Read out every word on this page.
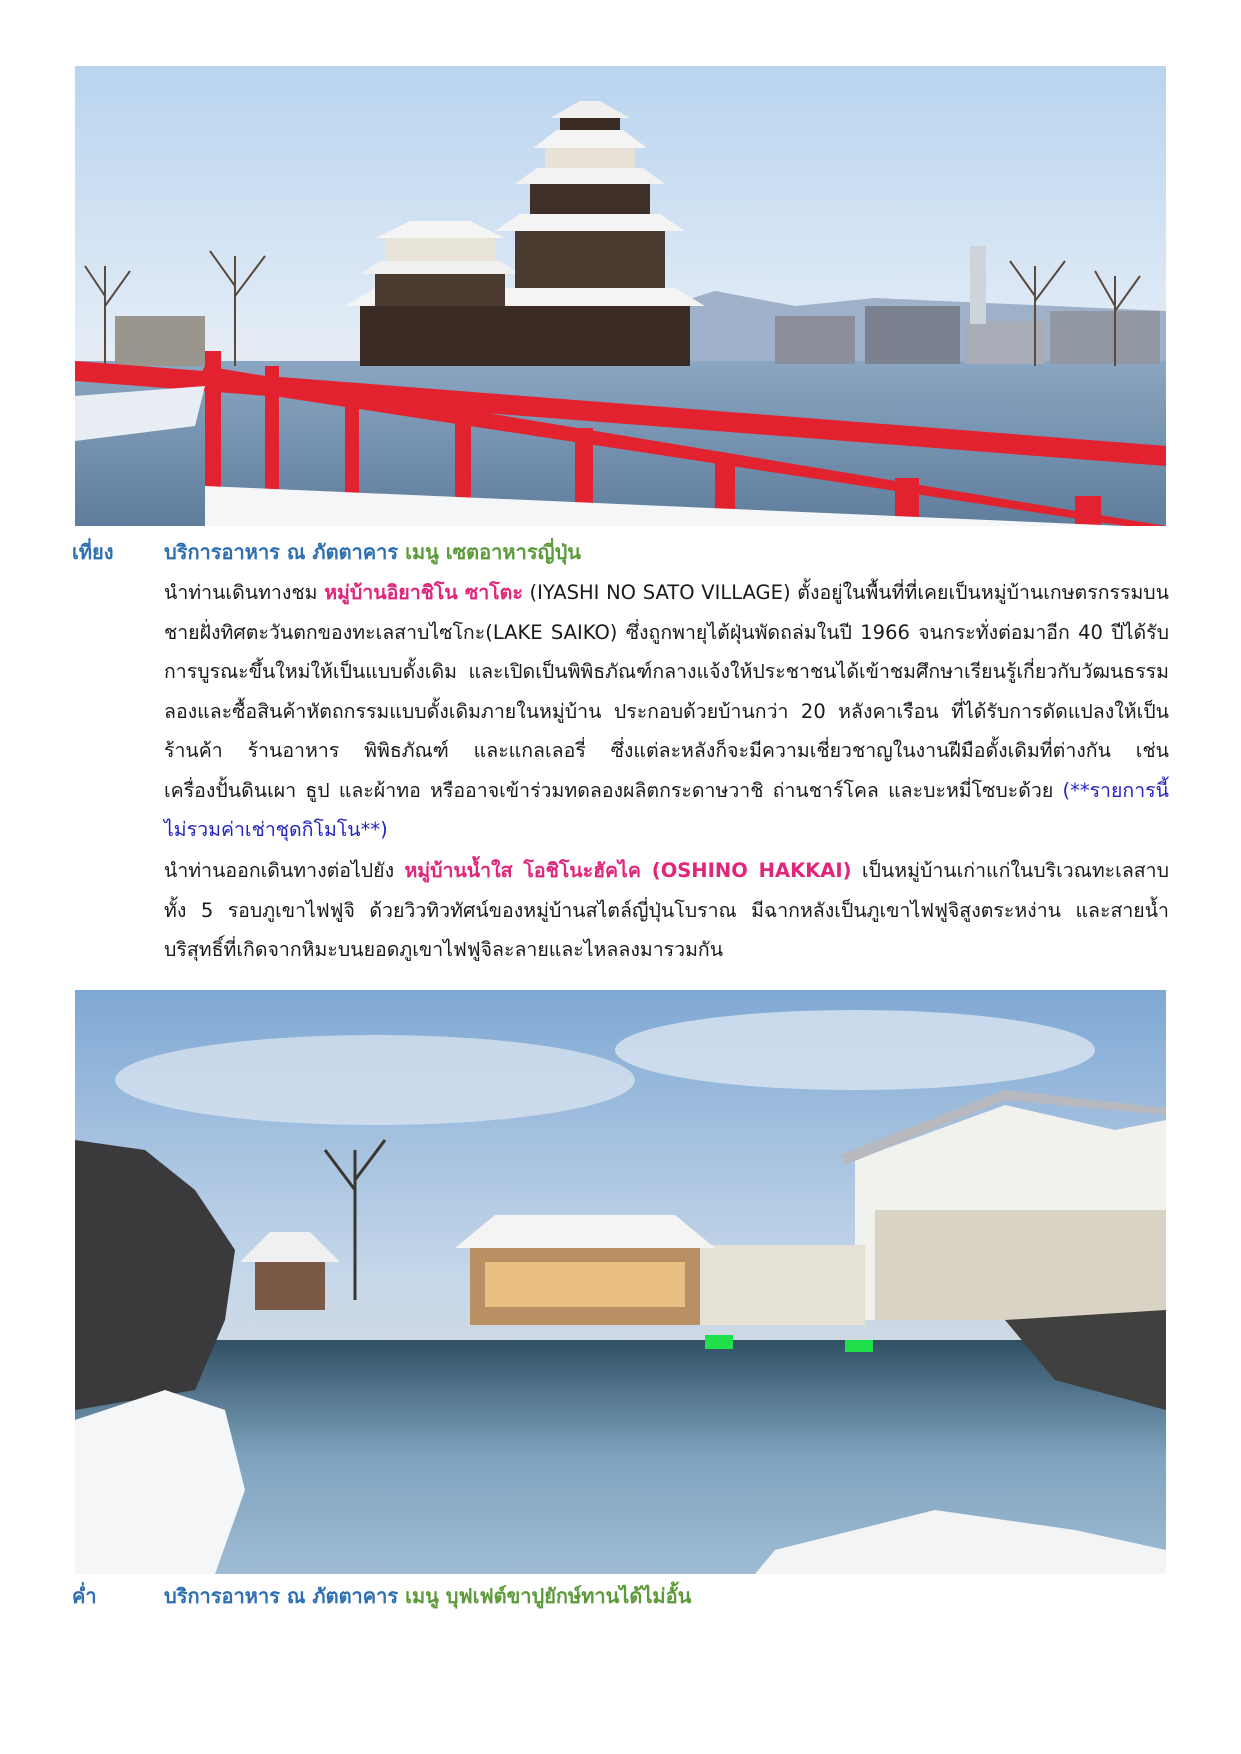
เที่ยง	บริการอาหาร ณ ภัตตาคาร เมนู เซตอาหารญี่ปุ่น
นำท่านเดินทางชม หมู่บ้านอิยาชิโน ซาโตะ (IYASHI NO SATO VILLAGE) ตั้งอยู่ในพื้นที่ที่เคยเป็นหมู่บ้านเกษตรกรรมบนชายฝั่งทิศตะวันตกของทะเลสาบไซโกะ(LAKE SAIKO) ซึ่งถูกพายุไต้ฝุ่นพัดถล่มในปี 1966 จนกระทั่งต่อมาอีก 40 ปีได้รับการบูรณะขึ้นใหม่ให้เป็นแบบดั้งเดิม และเปิดเป็นพิพิธภัณฑ์กลางแจ้งให้ประชาชนได้เข้าชมศึกษาเรียนรู้เกี่ยวกับวัฒนธรรม ลองและซื้อสินค้าหัตถกรรมแบบดั้งเดิมภายในหมู่บ้าน ประกอบด้วยบ้านกว่า 20 หลังคาเรือน ที่ได้รับการดัดแปลงให้เป็นร้านค้า ร้านอาหาร พิพิธภัณฑ์ และแกลเลอรี่ ซึ่งแต่ละหลังก็จะมีความเชี่ยวชาญในงานฝีมือดั้งเดิมที่ต่างกัน เช่น เครื่องปั้นดินเผา ธูป และผ้าทอ หรืออาจเข้าร่วมทดลองผลิตกระดาษวาชิ ถ่านชาร์โคล และบะหมี่โซบะด้วย (**รายการนี้ไม่รวมค่าเช่าชุดกิโมโน**)
นำท่านออกเดินทางต่อไปยัง หมู่บ้านน้ำใส โอชิโนะฮัคไค (OSHINO HAKKAI) เป็นหมู่บ้านเก่าแก่ในบริเวณทะเลสาบทั้ง 5 รอบภูเขาไฟฟูจิ ด้วยวิวทิวทัศน์ของหมู่บ้านสไตล์ญี่ปุ่นโบราณ มีฉากหลังเป็นภูเขาไฟฟูจิสูงตระหง่าน และสายน้ำบริสุทธิ์ที่เกิดจากหิมะบนยอดภูเขาไฟฟูจิละลายและไหลลงมารวมกัน
ค่ำ	บริการอาหาร ณ ภัตตาคาร เมนู บุฟเฟต์ขาปูยักษ์ทานได้ไม่อั้น
